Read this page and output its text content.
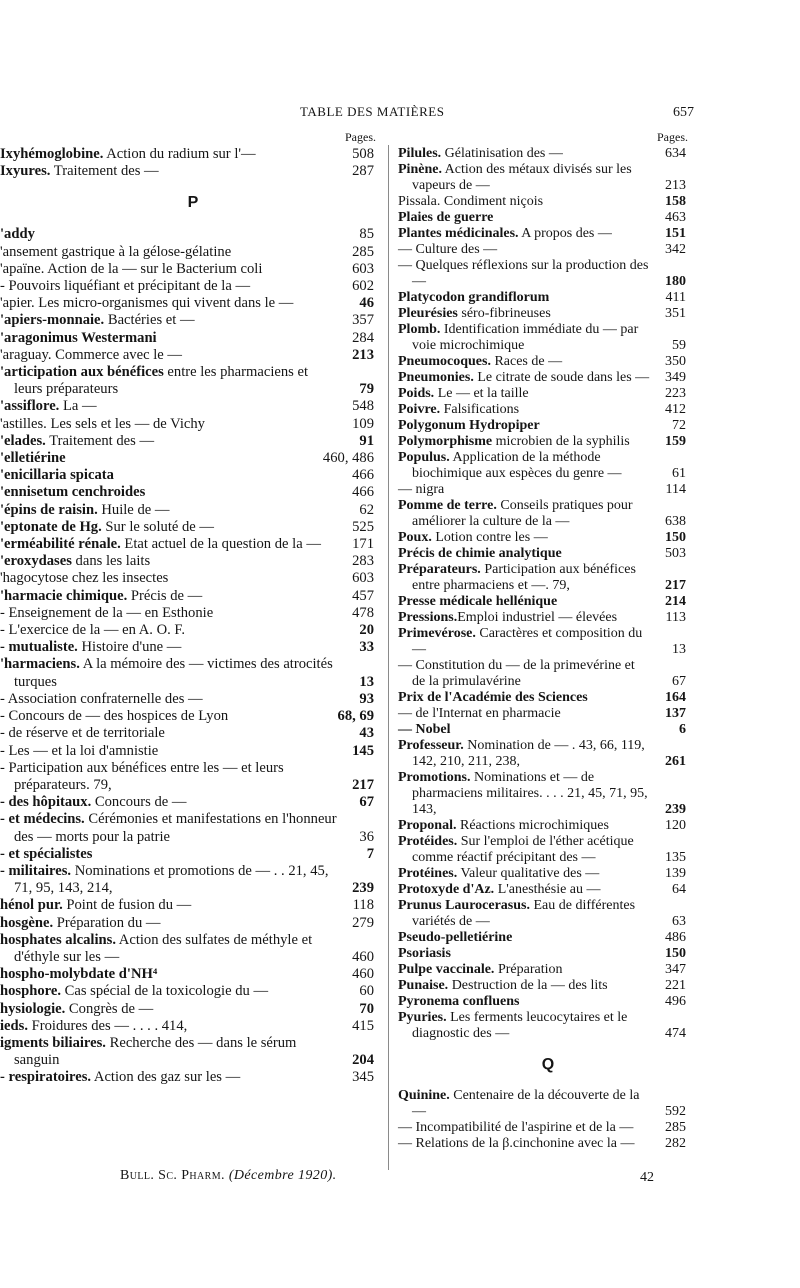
TABLE DES MATIÈRES	657
Pages.
Ixyhémoglobine. Action du radium sur l'—	508
Ixyures. Traitement des —	287
P
'addy	85
'ansement gastrique à la gélose-gélatine	285
'apaïne. Action de la — sur le Bacterium coli	603
- Pouvoirs liquéfiant et précipitant de la —	602
'apier. Les micro-organismes qui vivent dans le —	46
'apiers-monnaie. Bactéries et —	357
'aragonimus Westermani	284
'araguay. Commerce avec le —	213
'articipation aux bénéfices entre les pharmaciens et leurs préparateurs	79
'assiflore. La —	548
'astilles. Les sels et les — de Vichy	109
'elades. Traitement des —	91
'elletiérine	460, 486
'enicillaria spicata	466
'ennisetum cenchroides	466
'épins de raisin. Huile de —	62
'eptonate de Hg. Sur le soluté de —	525
'erméabilité rénale. Etat actuel de la question de la — 171
'eroxydases dans les laits	283
'hagocytose chez les insectes	603
'harmacie chimique. Précis de —	457
- Enseignement de la — en Esthonie	478
- L'exercice de la — en A. O. F.	20
- mutualiste. Histoire d'une —	33
'harmaciens. A la mémoire des — victimes des atrocités turques	13
- Association confraternelle des —	93
- Concours de — des hospices de Lyon	68, 69
- de réserve et de territoriale	43
- Les — et la loi d'amnistie	145
- Participation aux bénéfices entre les — et leurs préparateurs. 79,	217
- des hôpitaux. Concours de —	67
- et médecins. Cérémonies et manifestations en l'honneur des — morts pour la patrie	36
- et spécialistes	7
- militaires. Nominations et promotions de — . . 21, 45, 71, 95, 143, 214,	239
hénol pur. Point de fusion du —	118
hosgène. Préparation du —	279
hosphates alcalins. Action des sulfates de méthyle et d'éthyle sur les —	460
hospho-molybdate d'NH⁴	460
hosphore. Cas spécial de la toxicologie du —	60
hysiologie. Congrès de —	70
ieds. Froidures des — . . . . 414,	415
igments biliaires. Recherche des — dans le sérum sanguin	204
- respiratoires. Action des gaz sur les —	345
Pages.
Pilules. Gélatinisation des —	634
Pinène. Action des métaux divisés sur les vapeurs de —	213
Pissala. Condiment niçois	158
Plaies de guerre	463
Plantes médicinales. A propos des —	151
— Culture des —	342
— Quelques réflexions sur la production des —	180
Platycodon grandiflorum	411
Pleurésies séro-fibrineuses	351
Plomb. Identification immédiate du — par voie microchimique	59
Pneumocoques. Races de —	350
Pneumonies. Le citrate de soude dans les — 349
Poids. Le — et la taille	223
Poivre. Falsifications	412
Polygonum Hydropiper	72
Polymorphisme microbien de la syphilis	159
Populus. Application de la méthode biochimique aux espèces du genre —	61
— nigra	114
Pomme de terre. Conseils pratiques pour améliorer la culture de la —	638
Poux. Lotion contre les —	150
Précis de chimie analytique	503
Préparateurs. Participation aux bénéfices entre pharmaciens et —. 79,	217
Presse médicale hellénique	214
Pressions.Emploi industriel — élevées	113
Primevérose. Caractères et composition du —	13
— Constitution du — de la primevérine et de la primulavérine	67
Prix de l'Académie des Sciences	164
— de l'Internat en pharmacie	137
— Nobel	6
Professeur. Nomination de — . 43, 66, 119, 142, 210, 211, 238,	261
Promotions. Nominations et — de pharmaciens militaires. . . . 21, 45, 71, 95, 143,	239
Proponal. Réactions microchimiques	120
Protéides. Sur l'emploi de l'éther acétique comme réactif précipitant des —	135
Protéines. Valeur qualitative des —	139
Protoxyde d'Az. L'anesthésie au —	64
Prunus Laurocerasus. Eau de différentes variétés de —	63
Pseudo-pelletiérine	486
Psoriasis	150
Pulpe vaccinale. Préparation	347
Punaise. Destruction de la — des lits	221
Pyronema confluens	496
Pyuries. Les ferments leucocytaires et le diagnostic des —	474
Q
Quinine. Centenaire de la découverte de la —	592
— Incompatibilité de l'aspirine et de la — 285
— Relations de la β.cinchonine avec la — 282
Bull. Sc. Pharm. (Décembre 1920).	42
